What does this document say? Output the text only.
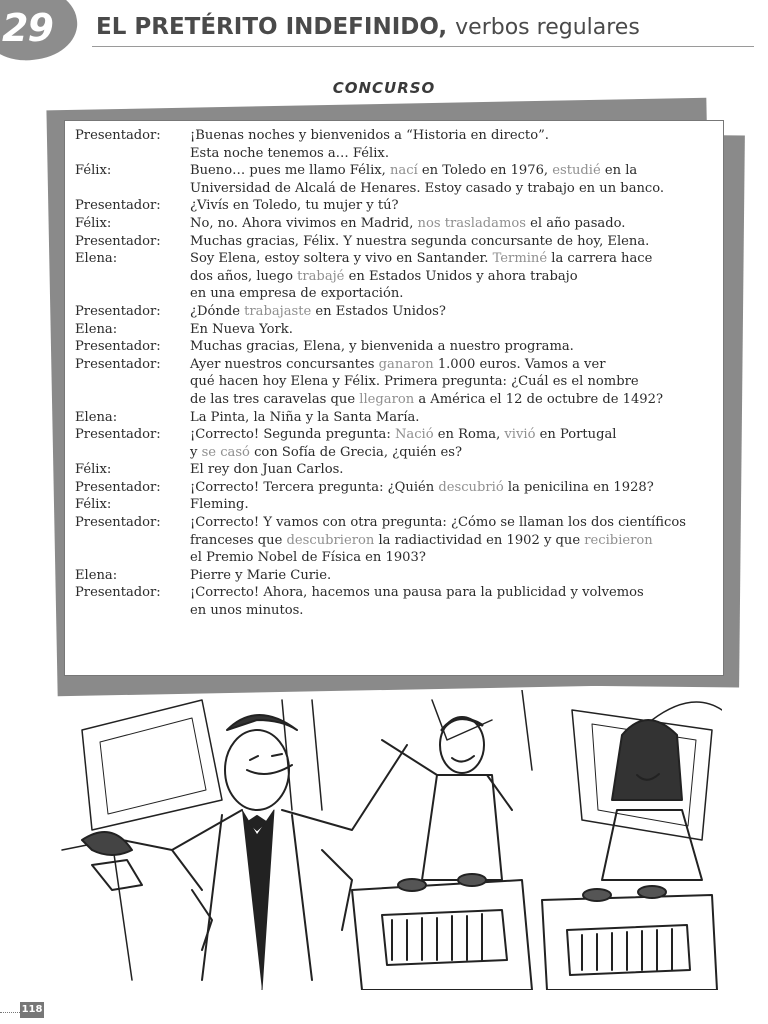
29 EL PRETÉRITO INDEFINIDO, verbos regulares
CONCURSO
Presentador:	¡Buenas noches y bienvenidos a “Historia en directo”.
Esta noche tenemos a… Félix.
Félix:	Bueno… pues me llamo Félix, nací en Toledo en 1976, estudié en la
Universidad de Alcalá de Henares. Estoy casado y trabajo en un banco.
Presentador:	¿Vivís en Toledo, tu mujer y tú?
Félix:	No, no. Ahora vivimos en Madrid, nos trasladamos el año pasado.
Presentador:	Muchas gracias, Félix. Y nuestra segunda concursante de hoy, Elena.
Elena:	Soy Elena, estoy soltera y vivo en Santander. Terminé la carrera hace
dos años, luego trabajé en Estados Unidos y ahora trabajo
en una empresa de exportación.
Presentador:	¿Dónde trabajaste en Estados Unidos?
Elena:	En Nueva York.
Presentador:	Muchas gracias, Elena, y bienvenida a nuestro programa.
Presentador:	Ayer nuestros concursantes ganaron 1.000 euros. Vamos a ver
qué hacen hoy Elena y Félix. Primera pregunta: ¿Cuál es el nombre
de las tres caravelas que llegaron a América el 12 de octubre de 1492?
Elena:	La Pinta, la Niña y la Santa María.
Presentador:	¡Correcto! Segunda pregunta: Nació en Roma, vivió en Portugal
y se casó con Sofía de Grecia, ¿quién es?
Félix:	El rey don Juan Carlos.
Presentador:	¡Correcto! Tercera pregunta: ¿Quién descubrió la penicilina en 1928?
Félix:	Fleming.
Presentador:	¡Correcto! Y vamos con otra pregunta: ¿Cómo se llaman los dos científicos
franceses que descubrieron la radiactividad en 1902 y que recibieron
el Premio Nobel de Física en 1903?
Elena:	Pierre y Marie Curie.
Presentador:	¡Correcto! Ahora, hacemos una pausa para la publicidad y volvemos
en unos minutos.
118
